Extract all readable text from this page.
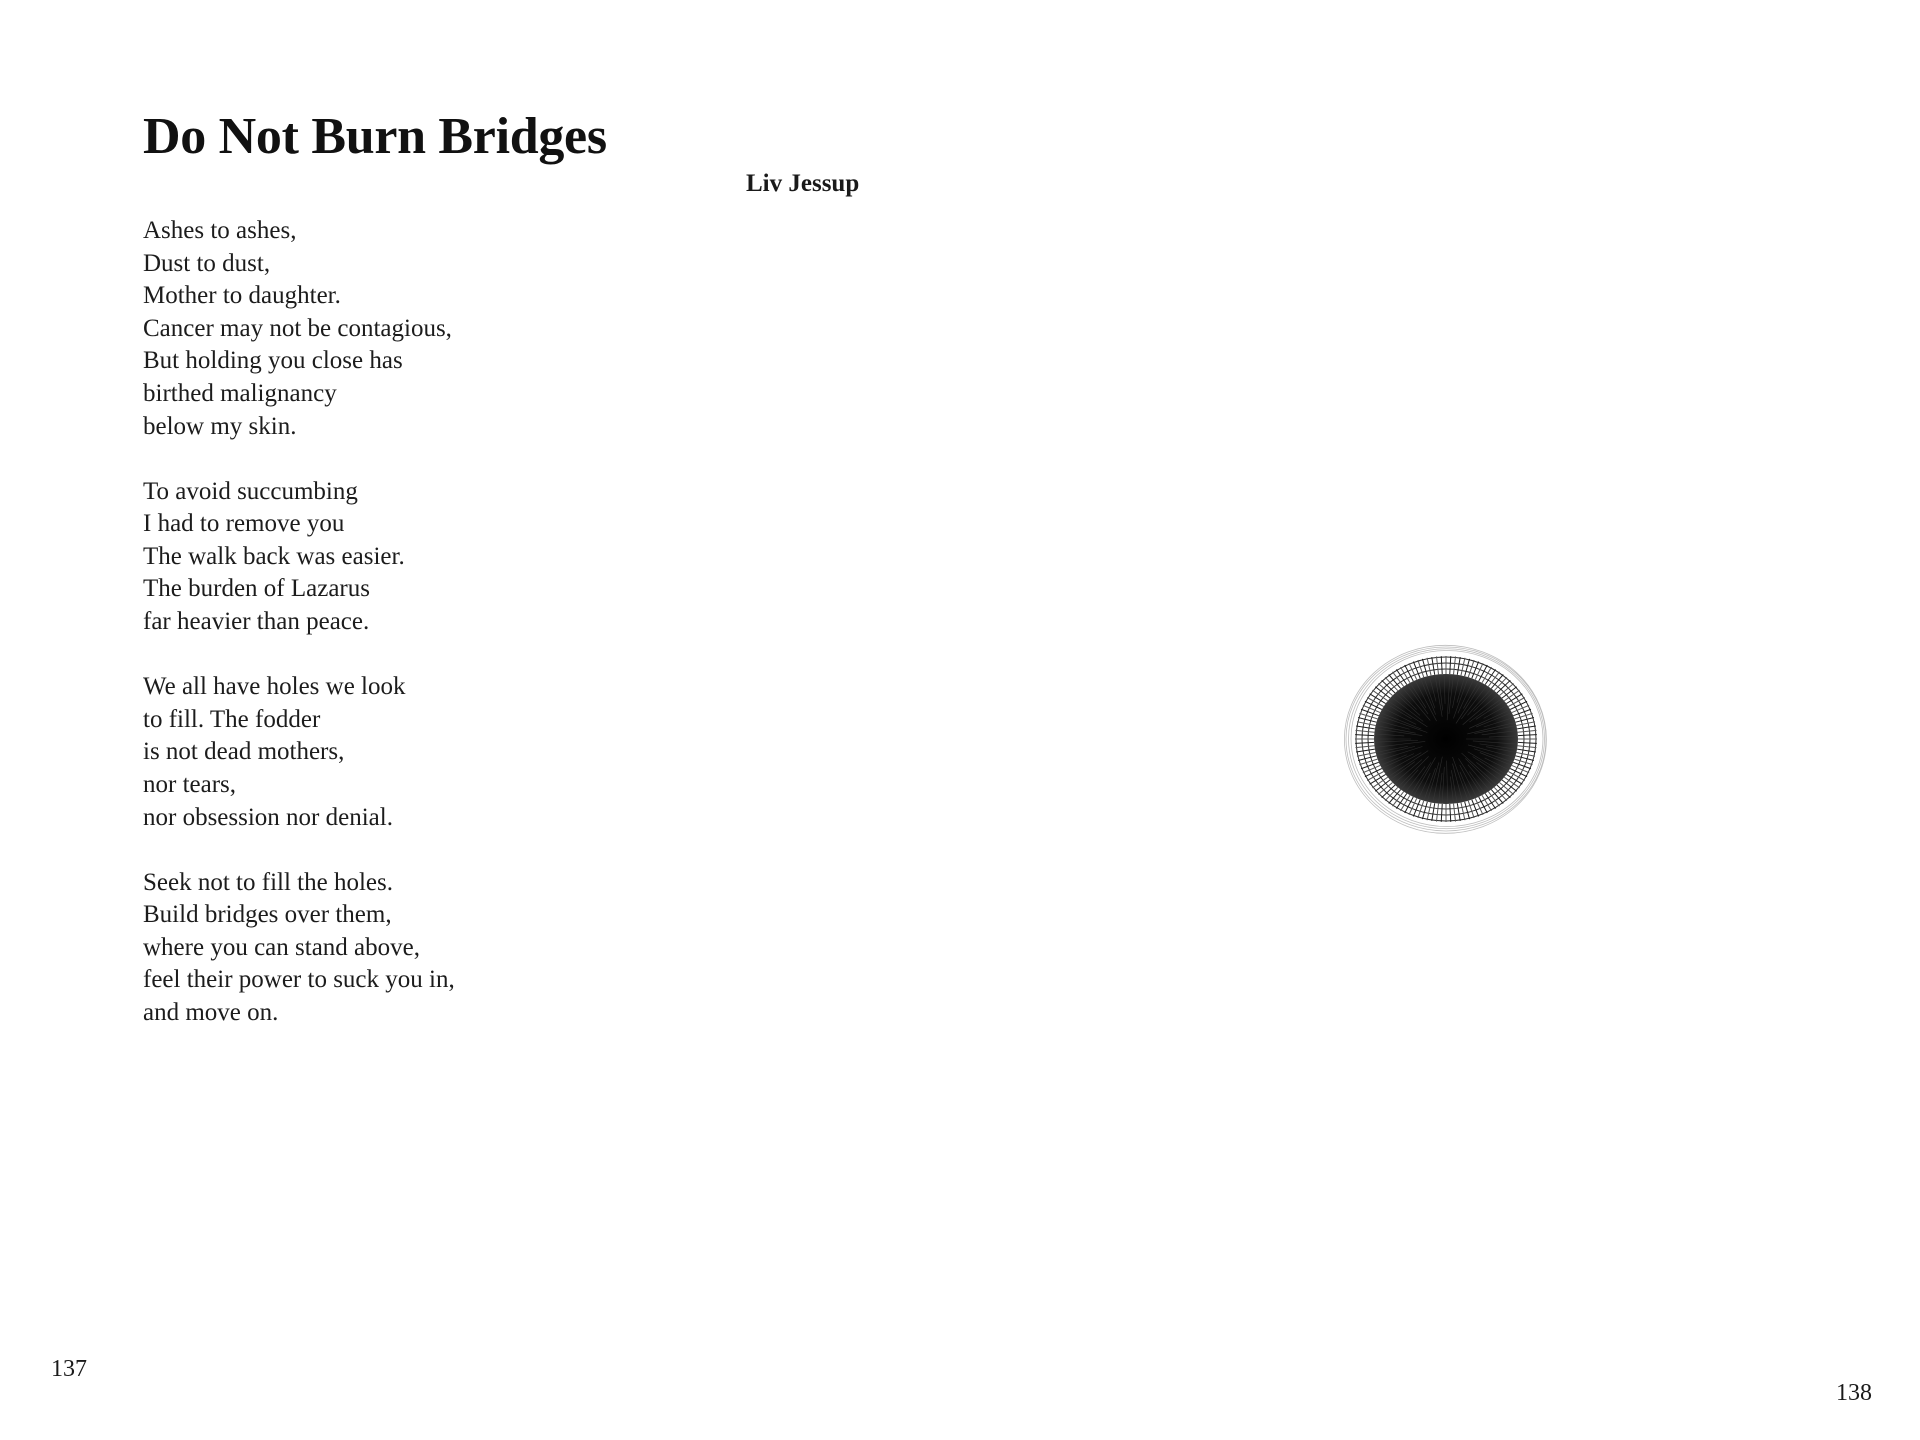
Do Not Burn Bridges
Liv Jessup
Ashes to ashes,
Dust to dust,
Mother to daughter.
Cancer may not be contagious,
But holding you close has
birthed malignancy
below my skin.
To avoid succumbing
I had to remove you
The walk back was easier.
The burden of Lazarus
far heavier than peace.
We all have holes we look
to fill. The fodder
is not dead mothers,
nor tears,
nor obsession nor denial.
Seek not to fill the holes.
Build bridges over them,
where you can stand above,
feel their power to suck you in,
and move on.
137
138
